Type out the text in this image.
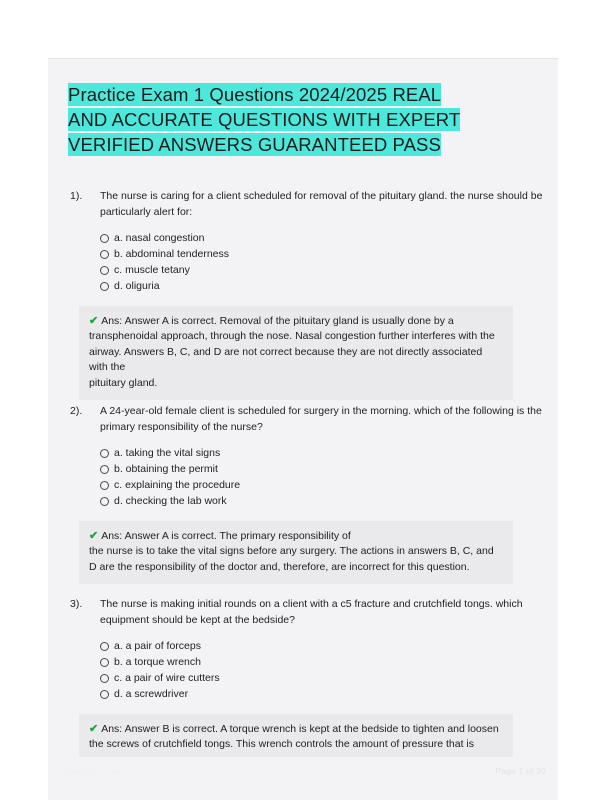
Practice Exam 1 Questions 2024/2025 REAL
AND ACCURATE QUESTIONS WITH EXPERT
VERIFIED ANSWERS GUARANTEED PASS
1).	The nurse is caring for a client scheduled for removal of the pituitary gland. the nurse should be particularly alert for:
a. nasal congestion
b. abdominal tenderness
c. muscle tetany
d. oliguria
✔ Ans: Answer A is correct. Removal of the pituitary gland is usually done by a transphenoidal approach, through the nose. Nasal congestion further interferes with the airway. Answers B, C, and D are not correct because they are not directly associated with the
pituitary gland.
2).	A 24-year-old female client is scheduled for surgery in the morning. which of the following is the primary responsibility of the nurse?
a. taking the vital signs
b. obtaining the permit
c. explaining the procedure
d. checking the lab work
✔ Ans: Answer A is correct. The primary responsibility of
the nurse is to take the vital signs before any surgery. The actions in answers B, C, and D are the responsibility of the doctor and, therefore, are incorrect for this question.
3).	The nurse is making initial rounds on a client with a c5 fracture and crutchfield tongs. which equipment should be kept at the bedside?
a. a pair of forceps
b. a torque wrench
c. a pair of wire cutters
d. a screwdriver
✔ Ans: Answer B is correct. A torque wrench is kept at the bedside to tighten and loosen the screws of crutchfield tongs. This wrench controls the amount of pressure that is
PaperStitic.com	Page 1 of 30
